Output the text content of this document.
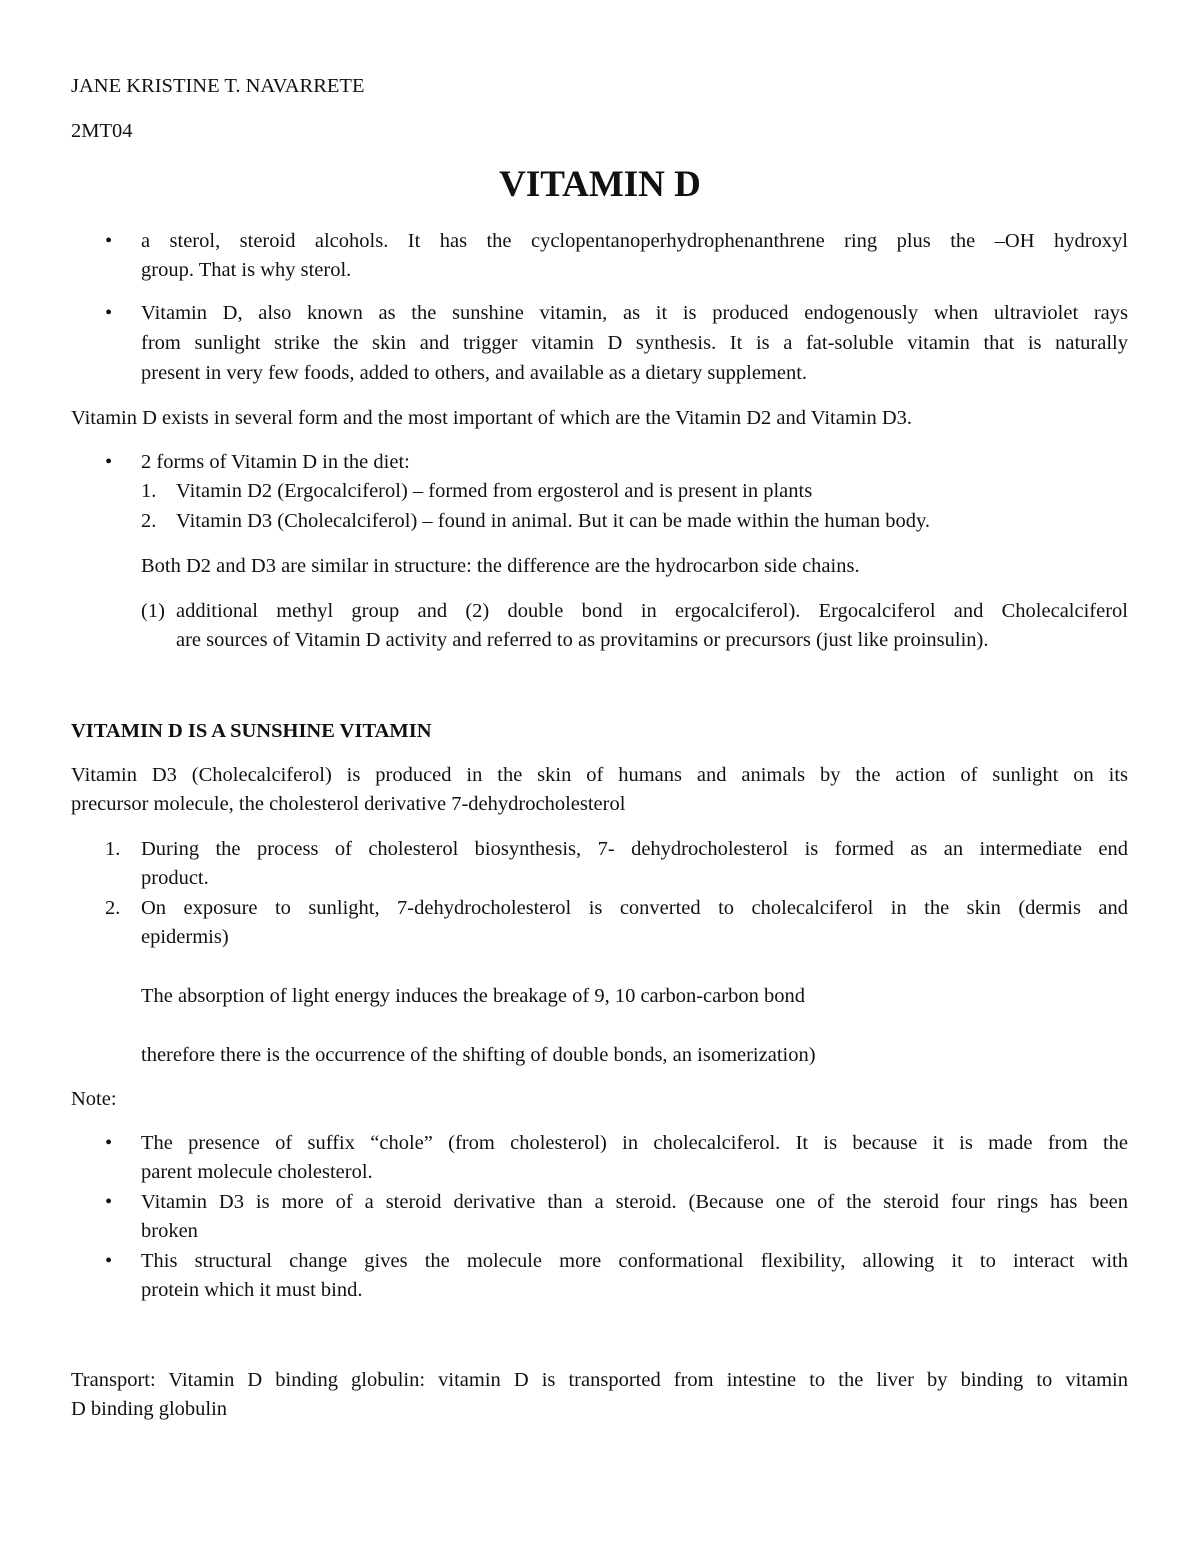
JANE KRISTINE T. NAVARRETE
2MT04
VITAMIN D
• a sterol, steroid alcohols. It has the cyclopentanoperhydrophenanthrene ring plus the –OH hydroxyl
group. That is why sterol.
• Vitamin D, also known as the sunshine vitamin, as it is produced endogenously when ultraviolet rays
from sunlight strike the skin and trigger vitamin D synthesis. It is a fat-soluble vitamin that is naturally
present in very few foods, added to others, and available as a dietary supplement.
Vitamin D exists in several form and the most important of which are the Vitamin D2 and Vitamin D3.
• 2 forms of Vitamin D in the diet:
1. Vitamin D2 (Ergocalciferol) – formed from ergosterol and is present in plants
2. Vitamin D3 (Cholecalciferol) – found in animal. But it can be made within the human body.
Both D2 and D3 are similar in structure: the difference are the hydrocarbon side chains.
(1) additional methyl group and (2) double bond in ergocalciferol). Ergocalciferol and Cholecalciferol
are sources of Vitamin D activity and referred to as provitamins or precursors (just like proinsulin).
VITAMIN D IS A SUNSHINE VITAMIN
Vitamin D3 (Cholecalciferol) is produced in the skin of humans and animals by the action of sunlight on its
precursor molecule, the cholesterol derivative 7-dehydrocholesterol
1. During the process of cholesterol biosynthesis, 7- dehydrocholesterol is formed as an intermediate end
product.
2. On exposure to sunlight, 7-dehydrocholesterol is converted to cholecalciferol in the skin (dermis and
epidermis)
The absorption of light energy induces the breakage of 9, 10 carbon-carbon bond
therefore there is the occurrence of the shifting of double bonds, an isomerization)
Note:
• The presence of suffix “chole” (from cholesterol) in cholecalciferol. It is because it is made from the
parent molecule cholesterol.
• Vitamin D3 is more of a steroid derivative than a steroid. (Because one of the steroid four rings has been
broken
• This structural change gives the molecule more conformational flexibility, allowing it to interact with
protein which it must bind.
Transport: Vitamin D binding globulin: vitamin D is transported from intestine to the liver by binding to vitamin
D binding globulin
